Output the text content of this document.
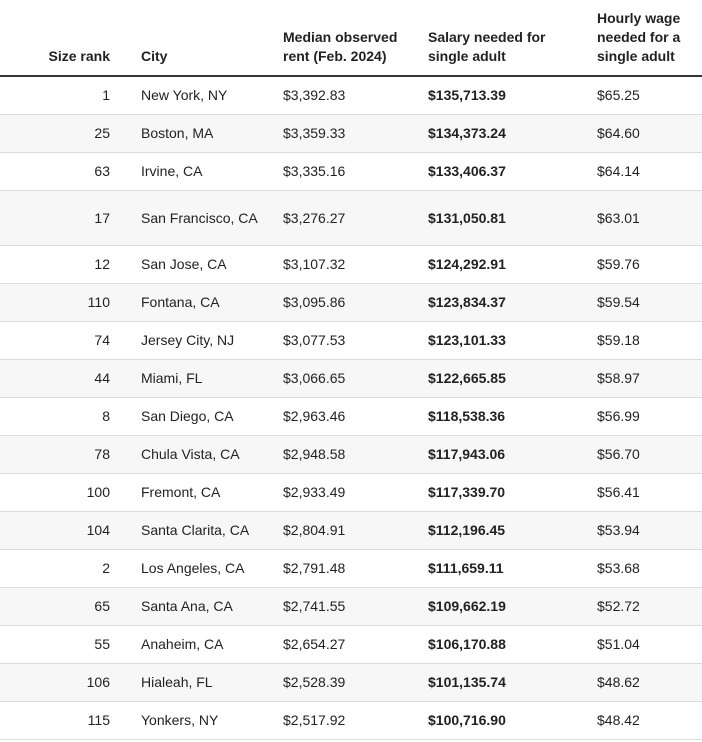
Size rank	City	Median observed rent (Feb. 2024)	Salary needed for single adult	Hourly wage needed for a single adult
1	New York, NY	$3,392.83	$135,713.39	$65.25
25	Boston, MA	$3,359.33	$134,373.24	$64.60
63	Irvine, CA	$3,335.16	$133,406.37	$64.14
17	San Francisco, CA	$3,276.27	$131,050.81	$63.01
12	San Jose, CA	$3,107.32	$124,292.91	$59.76
110	Fontana, CA	$3,095.86	$123,834.37	$59.54
74	Jersey City, NJ	$3,077.53	$123,101.33	$59.18
44	Miami, FL	$3,066.65	$122,665.85	$58.97
8	San Diego, CA	$2,963.46	$118,538.36	$56.99
78	Chula Vista, CA	$2,948.58	$117,943.06	$56.70
100	Fremont, CA	$2,933.49	$117,339.70	$56.41
104	Santa Clarita, CA	$2,804.91	$112,196.45	$53.94
2	Los Angeles, CA	$2,791.48	$111,659.11	$53.68
65	Santa Ana, CA	$2,741.55	$109,662.19	$52.72
55	Anaheim, CA	$2,654.27	$106,170.88	$51.04
106	Hialeah, FL	$2,528.39	$101,135.74	$48.62
115	Yonkers, NY	$2,517.92	$100,716.90	$48.42
